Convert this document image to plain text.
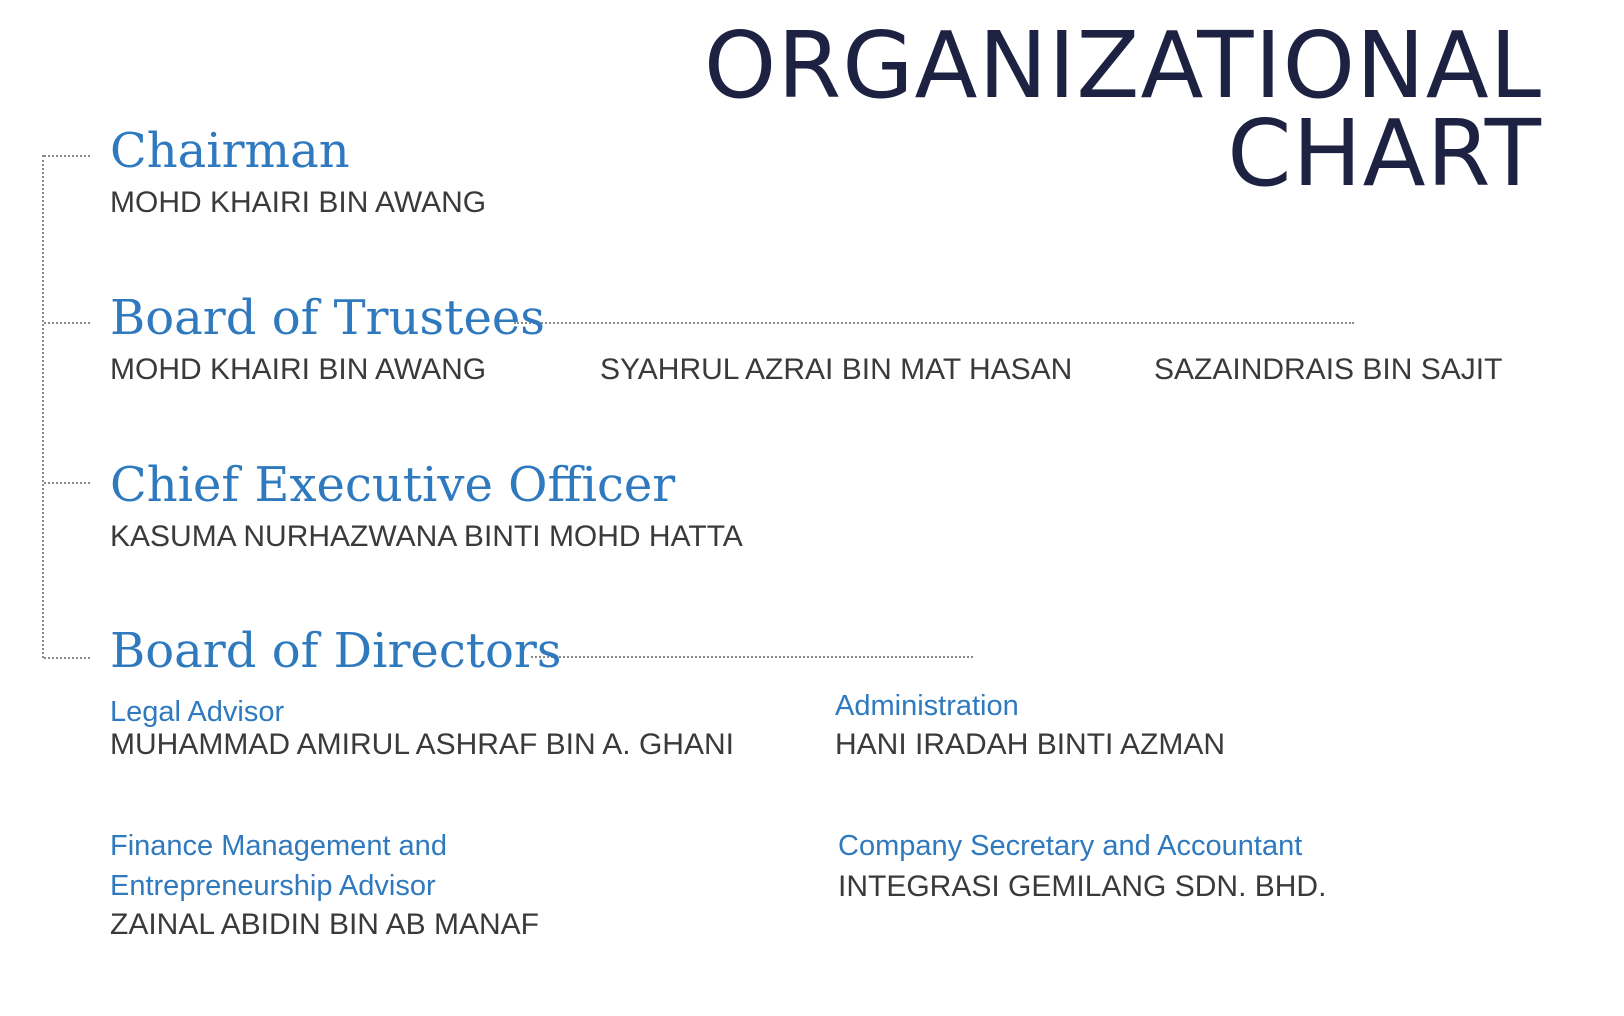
ORGANIZATIONAL
CHART
Chairman
MOHD KHAIRI BIN AWANG
Board of Trustees
MOHD KHAIRI BIN AWANG	SYAHRUL AZRAI BIN MAT HASAN	SAZAINDRAIS BIN SAJIT
Chief Executive Officer
KASUMA NURHAZWANA BINTI MOHD HATTA
Board of Directors
Legal Advisor
MUHAMMAD AMIRUL ASHRAF BIN A. GHANI
Administration
HANI IRADAH BINTI AZMAN
Finance Management and
Entrepreneurship Advisor
ZAINAL ABIDIN BIN AB MANAF
Company Secretary and Accountant
INTEGRASI GEMILANG SDN. BHD.
